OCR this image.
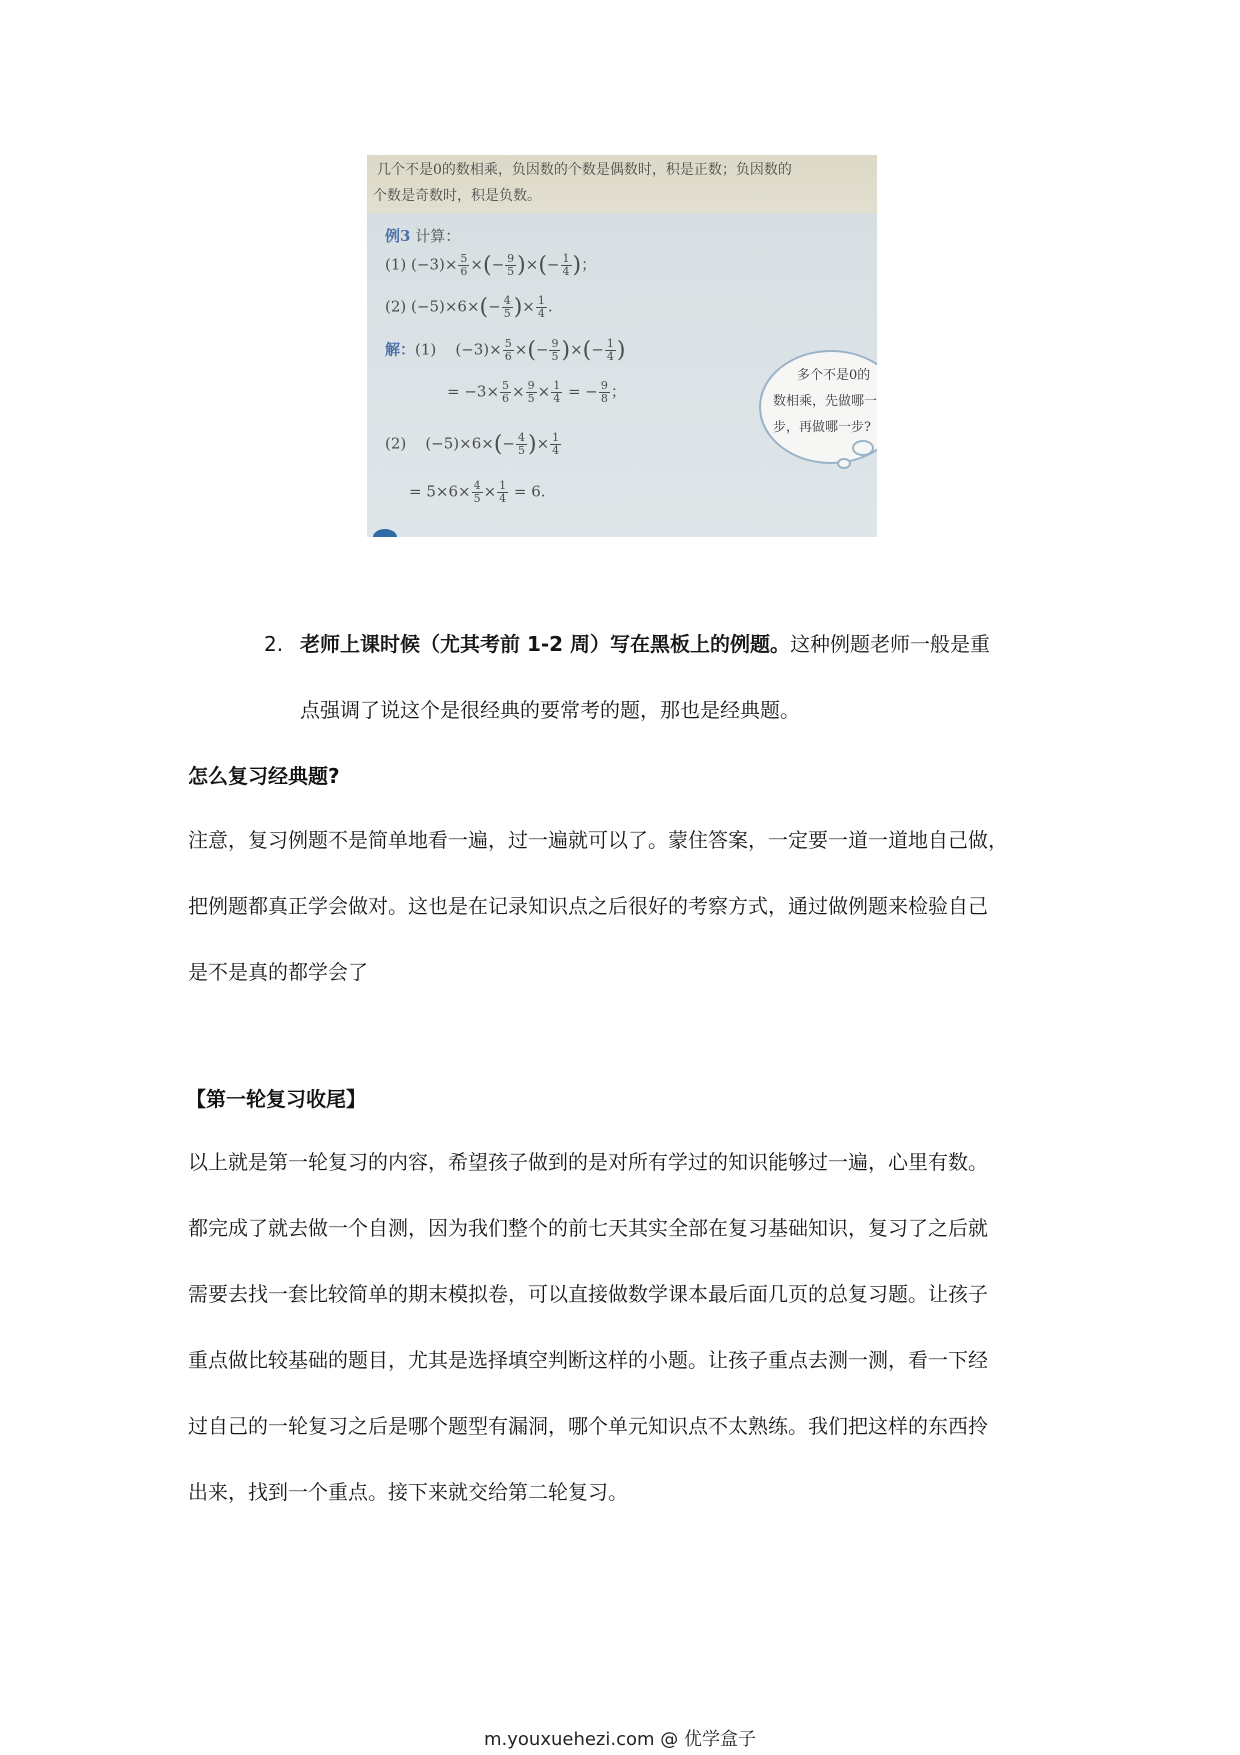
几个不是0的数相乘，负因数的个数是偶数时，积是正数；负因数的
个数是奇数时，积是负数。
例3 计算：
(1) $(-3)\times \frac{5}{6}$ ×(− $\frac{9}{5}$ )×(− $\frac{1}{4}$ )；
(2) $(-5)\times 6\times(- \frac{4}{5}$ )× $\frac{1}{4}$ .
解：(1)    $(-3)\times \frac{5}{6}$ ×(− $\frac{9}{5}$ )×(− $\frac{1}{4}$ )
= $-3\times \frac{5}{6} \times \frac{9}{5} \times \frac{1}{4}$ = − $\frac{9}{8}$ ；
(2)    $(-5)\times 6\times(- \frac{4}{5}$ )× $\frac{1}{4}$
= $5\times 6\times \frac{4}{5} \times \frac{1}{4} = 6$.
多个不是0的
数相乘，先做哪一
步，再做哪一步?
2. 老师上课时候（尤其考前 1-2 周）写在黑板上的例题。这种例题老师一般是重
点强调了说这个是很经典的要常考的题，那也是经典题。
怎么复习经典题?
注意，复习例题不是简单地看一遍，过一遍就可以了。蒙住答案，一定要一道一道地自己做，
把例题都真正学会做对。这也是在记录知识点之后很好的考察方式，通过做例题来检验自己
是不是真的都学会了
【第一轮复习收尾】
以上就是第一轮复习的内容，希望孩子做到的是对所有学过的知识能够过一遍，心里有数。
都完成了就去做一个自测，因为我们整个的前七天其实全部在复习基础知识，复习了之后就
需要去找一套比较简单的期末模拟卷，可以直接做数学课本最后面几页的总复习题。让孩子
重点做比较基础的题目，尤其是选择填空判断这样的小题。让孩子重点去测一测，看一下经
过自己的一轮复习之后是哪个题型有漏洞，哪个单元知识点不太熟练。我们把这样的东西拎
出来，找到一个重点。接下来就交给第二轮复习。
m.youxuehezi.com @ 优学盒子
